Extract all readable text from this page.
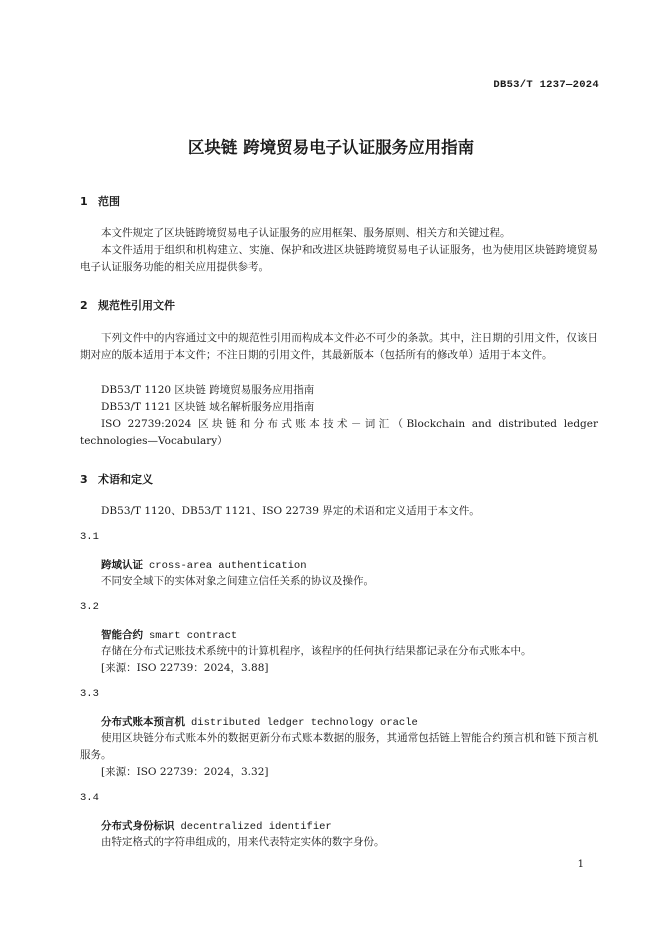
DB53/T 1237—2024
区块链 跨境贸易电子认证服务应用指南
1 范围
本文件规定了区块链跨境贸易电子认证服务的应用框架、服务原则、相关方和关键过程。
本文件适用于组织和机构建立、实施、保护和改进区块链跨境贸易电子认证服务，也为使用区块链跨境贸易电子认证服务功能的相关应用提供参考。
2 规范性引用文件
下列文件中的内容通过文中的规范性引用而构成本文件必不可少的条款。其中，注日期的引用文件，仅该日期对应的版本适用于本文件；不注日期的引用文件，其最新版本（包括所有的修改单）适用于本文件。
DB53/T 1120 区块链 跨境贸易服务应用指南
DB53/T 1121 区块链 域名解析服务应用指南
ISO 22739:2024 区块链和分布式账本技术－词汇（Blockchain and distributed ledger technologies—Vocabulary）
3 术语和定义
DB53/T 1120、DB53/T 1121、ISO 22739 界定的术语和定义适用于本文件。
3.1
跨域认证 cross-area authentication
不同安全域下的实体对象之间建立信任关系的协议及操作。
3.2
智能合约 smart contract
存储在分布式记账技术系统中的计算机程序，该程序的任何执行结果都记录在分布式账本中。
[来源：ISO 22739：2024，3.88]
3.3
分布式账本预言机 distributed ledger technology oracle
使用区块链分布式账本外的数据更新分布式账本数据的服务，其通常包括链上智能合约预言机和链下预言机服务。
[来源：ISO 22739：2024，3.32]
3.4
分布式身份标识 decentralized identifier
由特定格式的字符串组成的，用来代表特定实体的数字身份。
1
